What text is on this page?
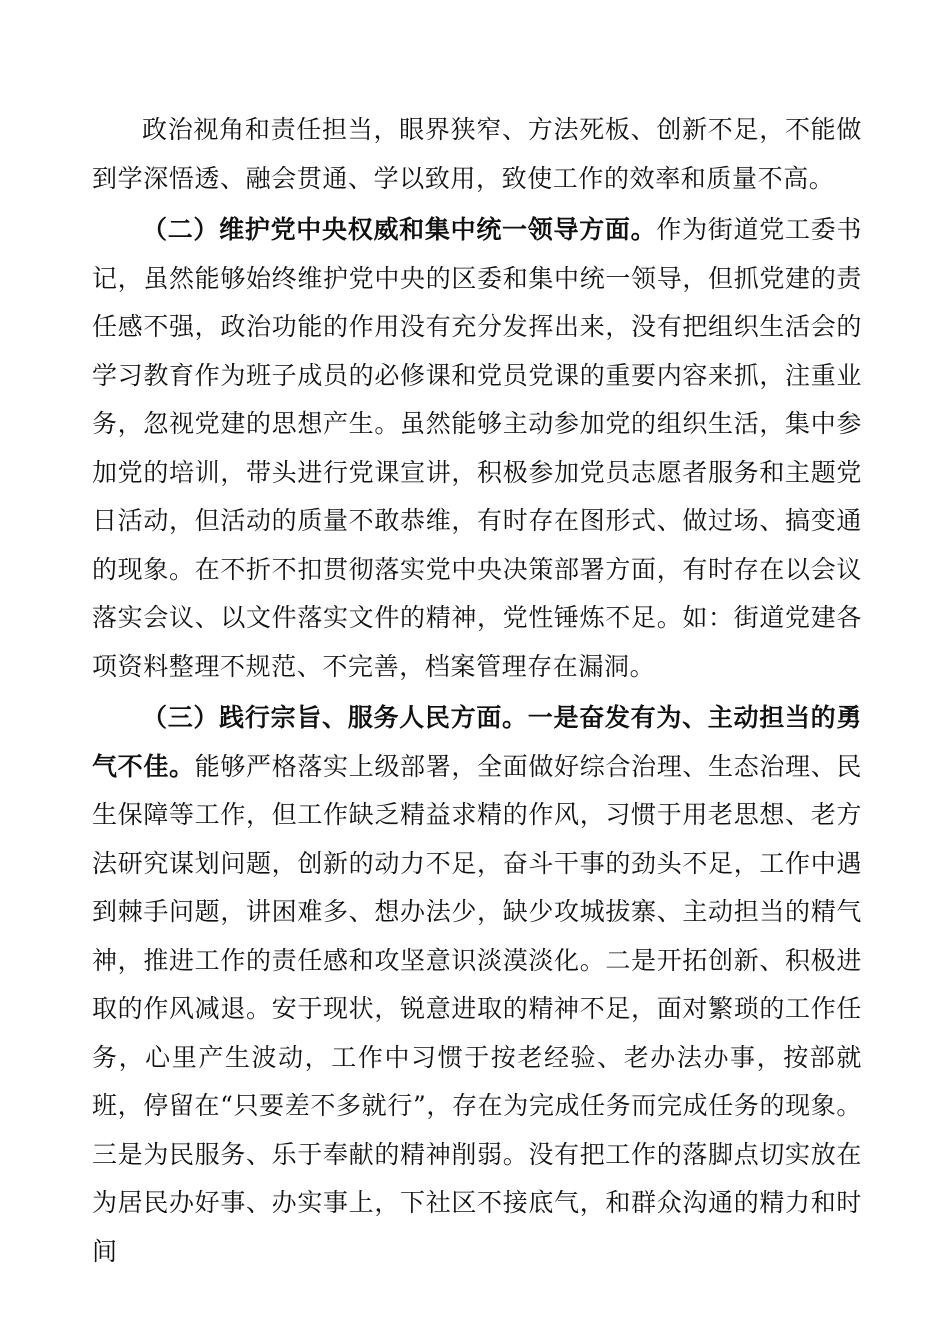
政治视角和责任担当，眼界狭窄、方法死板、创新不足，不能做到学深悟透、融会贯通、学以致用，致使工作的效率和质量不高。

（二）维护党中央权威和集中统一领导方面。作为街道党工委书记，虽然能够始终维护党中央的区委和集中统一领导，但抓党建的责任感不强，政治功能的作用没有充分发挥出来，没有把组织生活会的学习教育作为班子成员的必修课和党员党课的重要内容来抓，注重业务，忽视党建的思想产生。虽然能够主动参加党的组织生活，集中参加党的培训，带头进行党课宣讲，积极参加党员志愿者服务和主题党日活动，但活动的质量不敢恭维，有时存在图形式、做过场、搞变通的现象。在不折不扣贯彻落实党中央决策部署方面，有时存在以会议落实会议、以文件落实文件的精神，党性锤炼不足。如：街道党建各项资料整理不规范、不完善，档案管理存在漏洞。

（三）践行宗旨、服务人民方面。一是奋发有为、主动担当的勇气不佳。能够严格落实上级部署，全面做好综合治理、生态治理、民生保障等工作，但工作缺乏精益求精的作风，习惯于用老思想、老方法研究谋划问题，创新的动力不足，奋斗干事的劲头不足，工作中遇到棘手问题，讲困难多、想办法少，缺少攻城拔寨、主动担当的精气神，推进工作的责任感和攻坚意识淡漠淡化。二是开拓创新、积极进取的作风减退。安于现状，锐意进取的精神不足，面对繁琐的工作任务，心里产生波动，工作中习惯于按老经验、老办法办事，按部就班，停留在“只要差不多就行”，存在为完成任务而完成任务的现象。三是为民服务、乐于奉献的精神削弱。没有把工作的落脚点切实放在为居民办好事、办实事上，下社区不接底气，和群众沟通的精力和时间
